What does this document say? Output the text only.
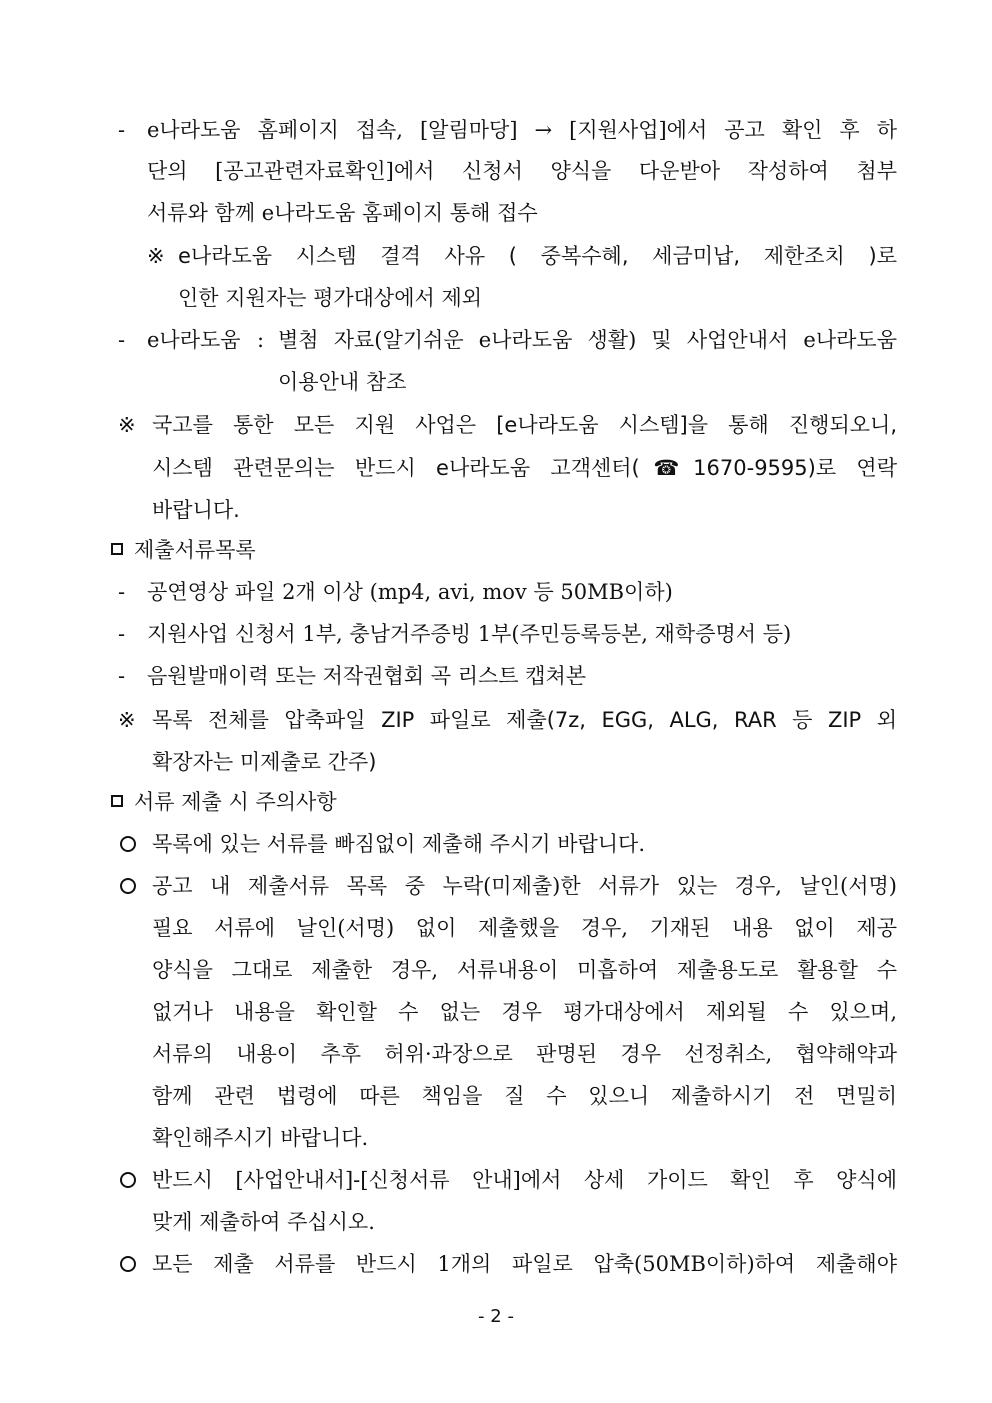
- e나라도움 홈페이지 접속, [알림마당] → [지원사업]에서 공고 확인 후 하
단의 [공고관련자료확인]에서 신청서 양식을 다운받아 작성하여 첨부
서류와 함께 e나라도움 홈페이지 통해 접수
※ e나라도움 시스템 결격 사유 ( 중복수혜, 세금미납, 제한조치 )로
인한 지원자는 평가대상에서 제외
- e나라도움 : 별첨 자료(알기쉬운 e나라도움 생활) 및 사업안내서 e나라도움
이용안내 참조
※ 국고를 통한 모든 지원 사업은 [e나라도움 시스템]을 통해 진행되오니,
시스템 관련문의는 반드시 e나라도움 고객센터(☎1670-9595)로 연락
바랍니다.
제출서류목록
- 공연영상 파일 2개 이상 (mp4, avi, mov 등 50MB이하)
- 지원사업 신청서 1부, 충남거주증빙 1부(주민등록등본, 재학증명서 등)
- 음원발매이력 또는 저작권협회 곡 리스트 캡쳐본
※ 목록 전체를 압축파일 ZIP 파일로 제출(7z, EGG, ALG, RAR 등 ZIP 외
확장자는 미제출로 간주)
서류 제출 시 주의사항
목록에 있는 서류를 빠짐없이 제출해 주시기 바랍니다.
공고 내 제출서류 목록 중 누락(미제출)한 서류가 있는 경우, 날인(서명)
필요 서류에 날인(서명) 없이 제출했을 경우, 기재된 내용 없이 제공
양식을 그대로 제출한 경우, 서류내용이 미흡하여 제출용도로 활용할 수
없거나 내용을 확인할 수 없는 경우 평가대상에서 제외될 수 있으며,
서류의 내용이 추후 허위·과장으로 판명된 경우 선정취소, 협약해약과
함께 관련 법령에 따른 책임을 질 수 있으니 제출하시기 전 면밀히
확인해주시기 바랍니다.
반드시 [사업안내서]-[신청서류 안내]에서 상세 가이드 확인 후 양식에
맞게 제출하여 주십시오.
모든 제출 서류를 반드시 1개의 파일로 압축(50MB이하)하여 제출해야
- 2 -
